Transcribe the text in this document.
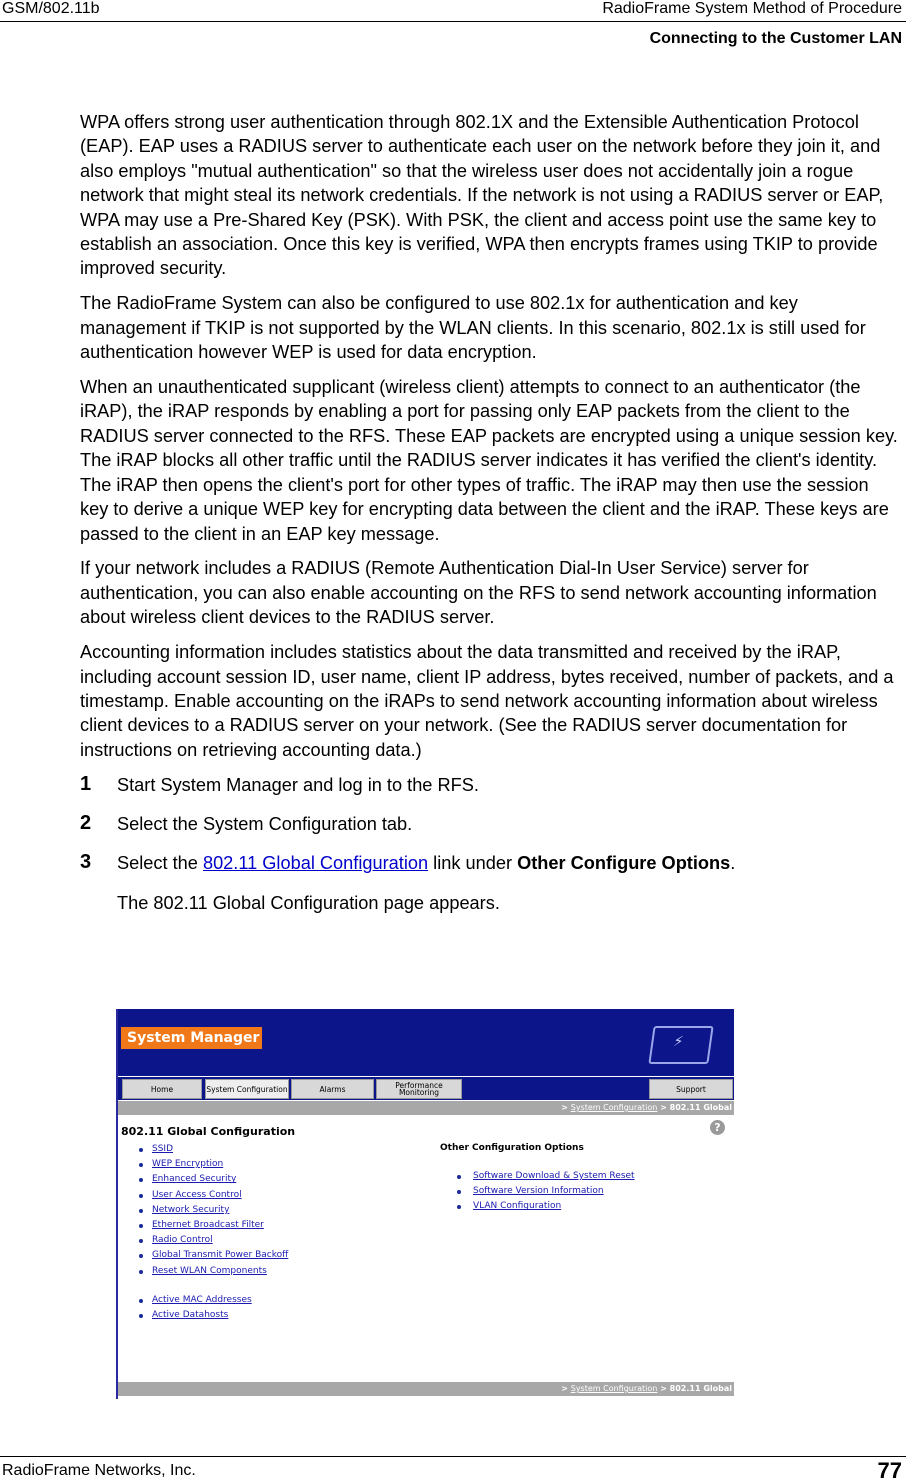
GSM/802.11b	RadioFrame System Method of Procedure
Connecting to the Customer LAN

WPA offers strong user authentication through 802.1X and the Extensible Authentication Protocol (EAP). EAP uses a RADIUS server to authenticate each user on the network before they join it, and also employs "mutual authentication" so that the wireless user does not accidentally join a rogue network that might steal its network credentials. If the network is not using a RADIUS server or EAP, WPA may use a Pre-Shared Key (PSK). With PSK, the client and access point use the same key to establish an association. Once this key is verified, WPA then encrypts frames using TKIP to provide improved security.

The RadioFrame System can also be configured to use 802.1x for authentication and key management if TKIP is not supported by the WLAN clients. In this scenario, 802.1x is still used for authentication however WEP is used for data encryption.

When an unauthenticated supplicant (wireless client) attempts to connect to an authenticator (the iRAP), the iRAP responds by enabling a port for passing only EAP packets from the client to the RADIUS server connected to the RFS. These EAP packets are encrypted using a unique session key. The iRAP blocks all other traffic until the RADIUS server indicates it has verified the client's identity. The iRAP then opens the client's port for other types of traffic. The iRAP may then use the session key to derive a unique WEP key for encrypting data between the client and the iRAP. These keys are passed to the client in an EAP key message.

If your network includes a RADIUS (Remote Authentication Dial-In User Service) server for authentication, you can also enable accounting on the RFS to send network accounting information about wireless client devices to the RADIUS server.

Accounting information includes statistics about the data transmitted and received by the iRAP, including account session ID, user name, client IP address, bytes received, number of packets, and a timestamp. Enable accounting on the iRAPs to send network accounting information about wireless client devices to a RADIUS server on your network. (See the RADIUS server documentation for instructions on retrieving accounting data.)

1 Start System Manager and log in to the RFS.
2 Select the System Configuration tab.
3 Select the 802.11 Global Configuration link under Other Configure Options.
The 802.11 Global Configuration page appears.
System Manager	⚡
Home	System Configuration	Alarms	Performance Monitoring	Support
> System Configuration > 802.11 Global
802.11 Global Configuration	?
SSID
WEP Encryption
Enhanced Security
User Access Control
Network Security
Ethernet Broadcast Filter
Radio Control
Global Transmit Power Backoff
Reset WLAN Components
Active MAC Addresses
Active Datahosts
Other Configuration Options
Software Download & System Reset
Software Version Information
VLAN Configuration
> System Configuration > 802.11 Global
RadioFrame Networks, Inc.	77
